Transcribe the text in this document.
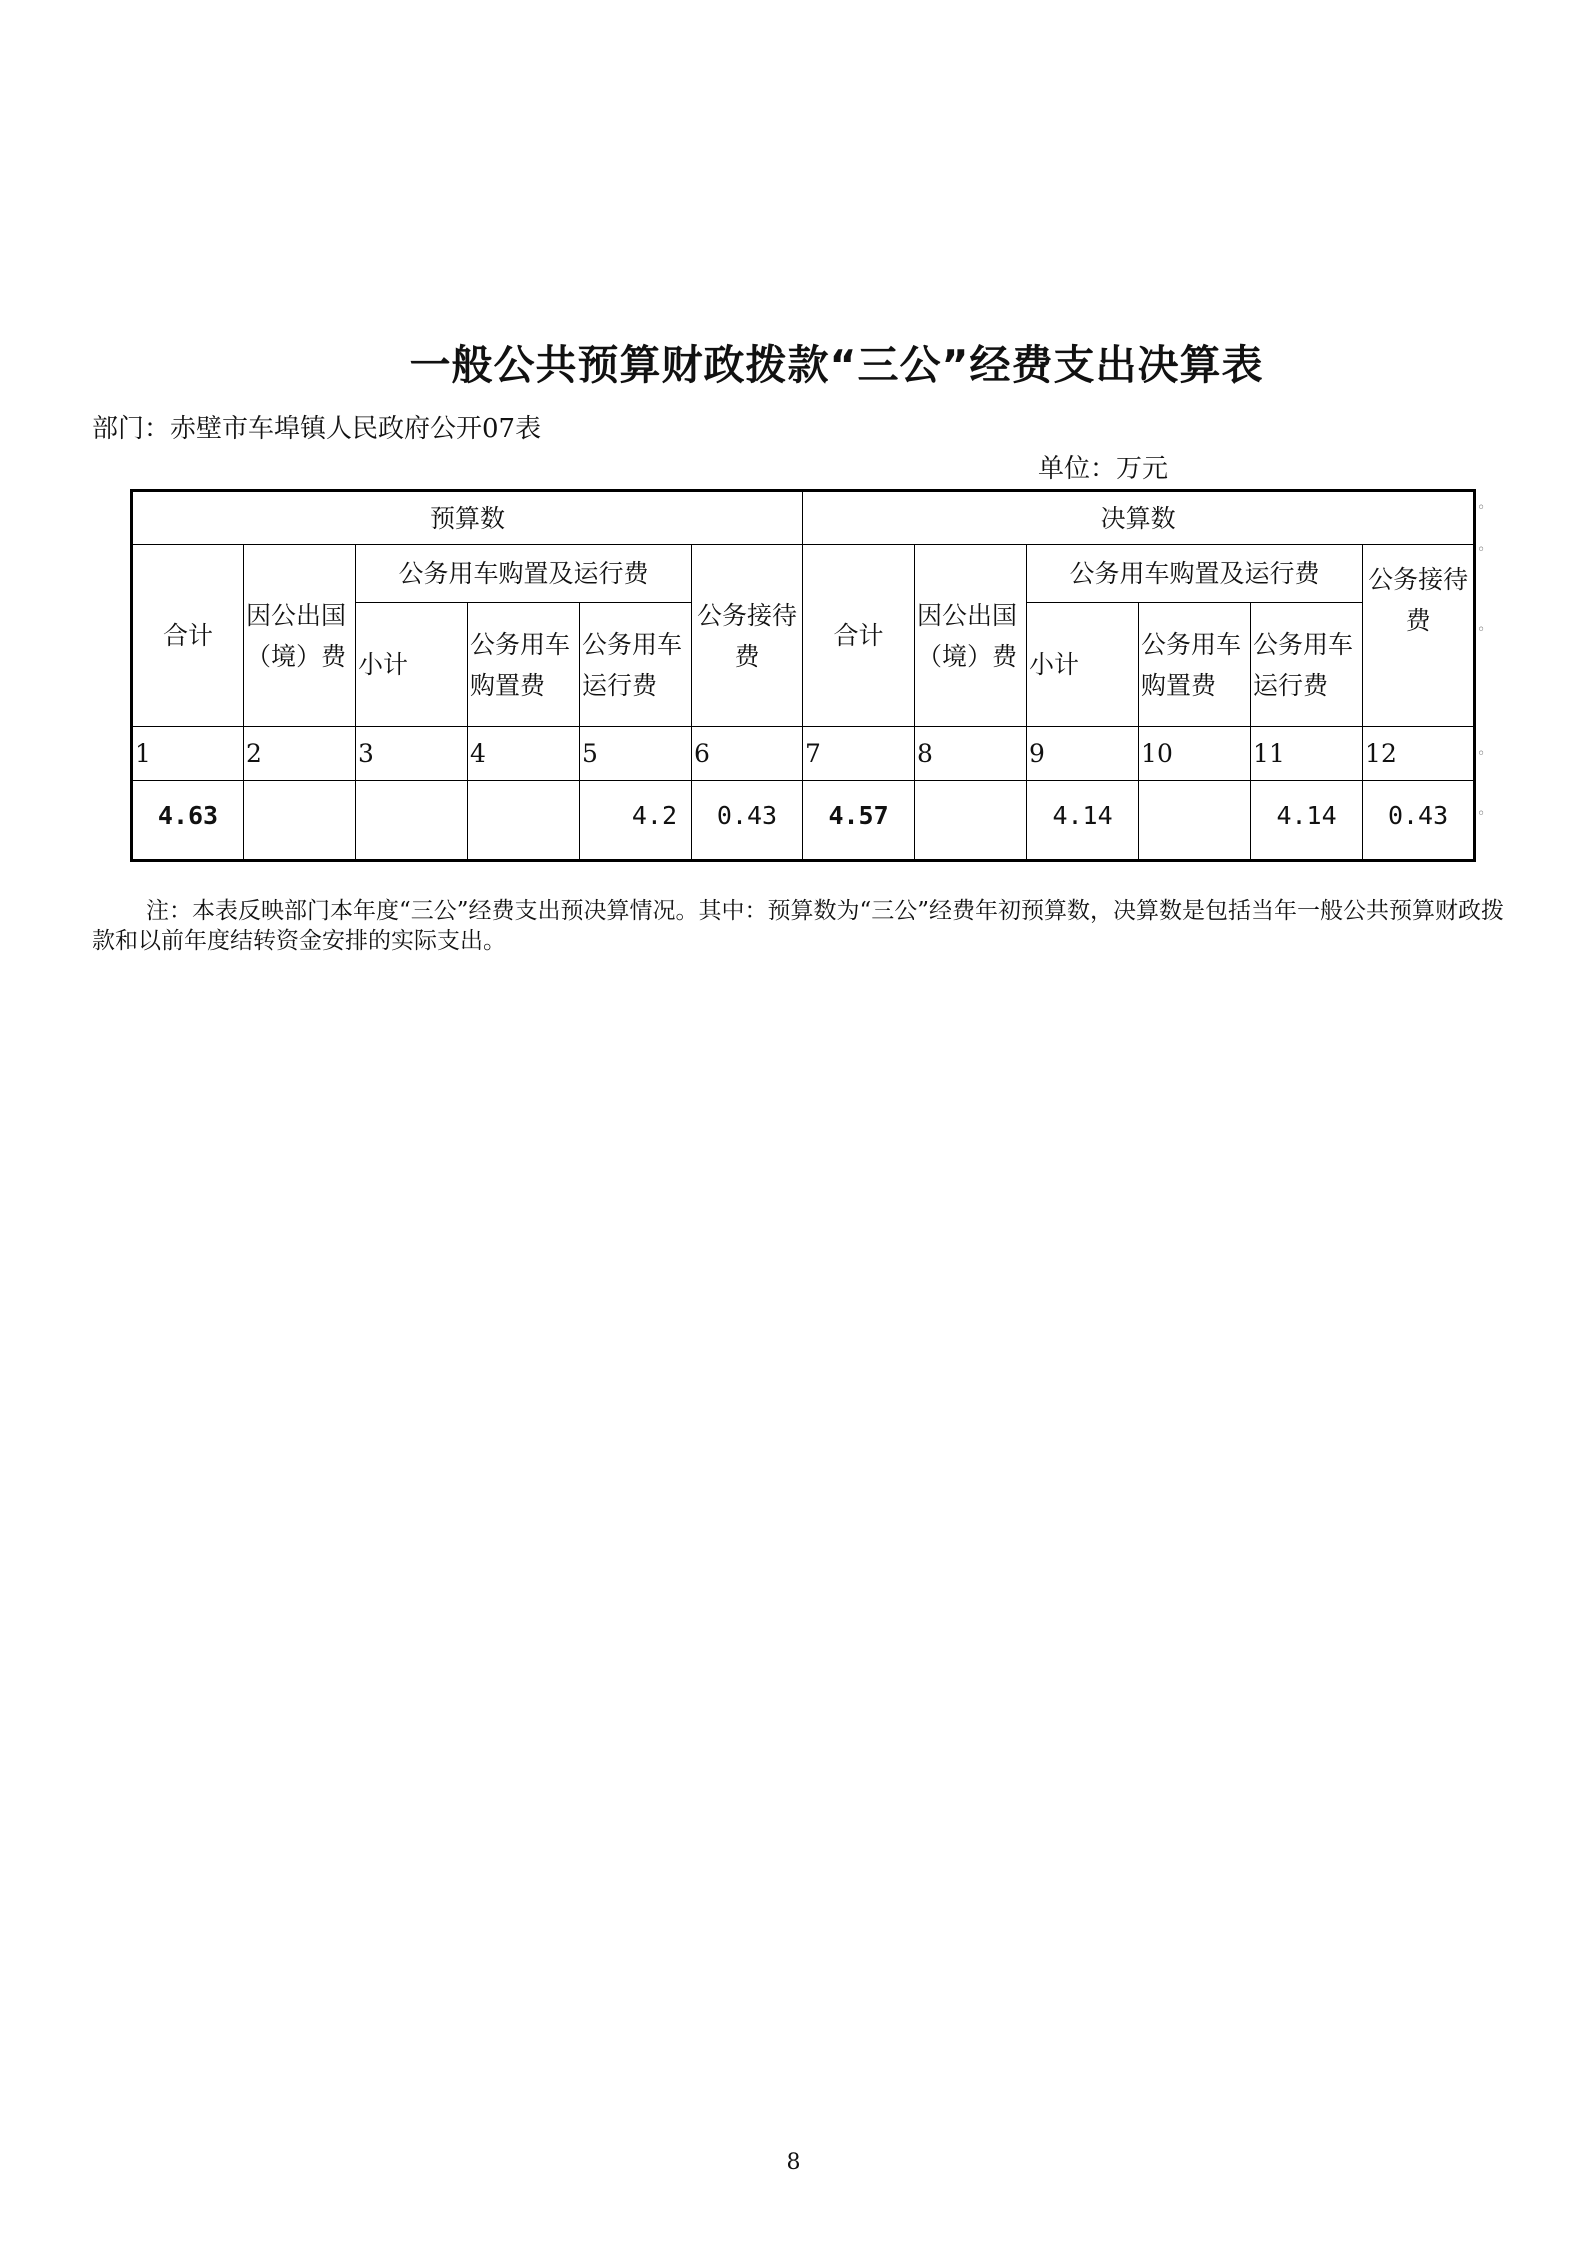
一般公共预算财政拨款“三公”经费支出决算表
部门：赤壁市车埠镇人民政府公开07表
单位：万元
预算数						决算数					
合计	因公出国（境）费	公务用车购置及运行费			公务接待费	合计	因公出国（境）费	公务用车购置及运行费			公务接待费
		小计	公务用车购置费	公务用车运行费				小计	公务用车购置费	公务用车运行费	
1	2	3	4	5	6	7	8	9	10	11	12
4.63				4.2	0.43	4.57		4.14		4.14	0.43
◦
◦
◦
◦
◦
注：本表反映部门本年度“三公”经费支出预决算情况。其中：预算数为“三公”经费年初预算数，决算数是包括当年一般公共预算财政拨款和以前年度结转资金安排的实际支出。
8
